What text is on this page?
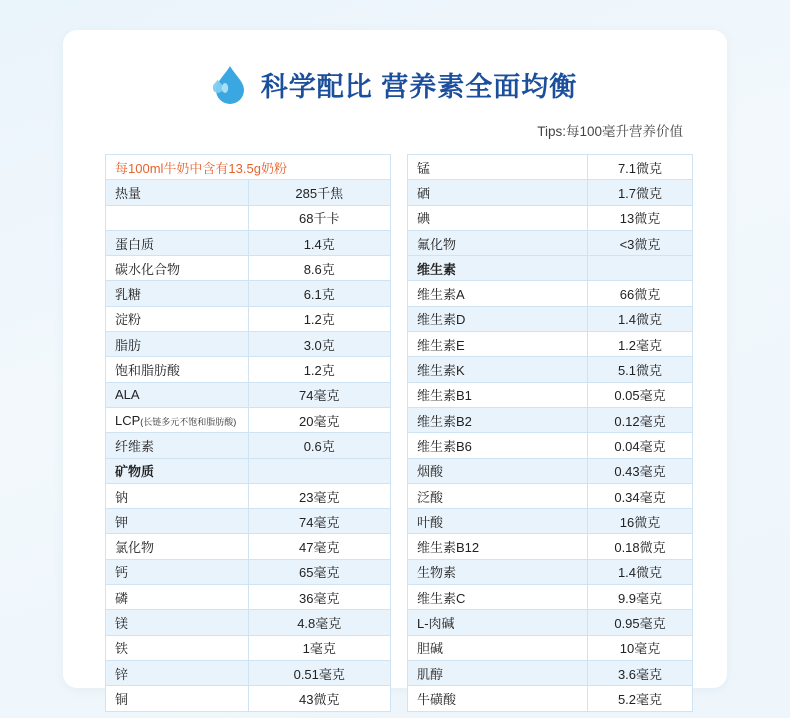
科学配比 营养素全面均衡
Tips:每100毫升营养价值
每100ml牛奶中含有13.5g奶粉	
热量	285千焦
	68千卡
蛋白质	1.4克
碳水化合物	8.6克
乳糖	6.1克
淀粉	1.2克
脂肪	3.0克
饱和脂肪酸	1.2克
ALA	74毫克
LCP(长链多元不饱和脂肪酸)	20毫克
纤维素	0.6克
矿物质	
钠	23毫克
钾	74毫克
氯化物	47毫克
钙	65毫克
磷	36毫克
镁	4.8毫克
铁	1毫克
锌	0.51毫克
铜	43微克
锰	7.1微克
硒	1.7微克
碘	13微克
氟化物	<3微克
维生素	
维生素A	66微克
维生素D	1.4微克
维生素E	1.2毫克
维生素K	5.1微克
维生素B1	0.05毫克
维生素B2	0.12毫克
维生素B6	0.04毫克
烟酸	0.43毫克
泛酸	0.34毫克
叶酸	16微克
维生素B12	0.18微克
生物素	1.4微克
维生素C	9.9毫克
L-肉碱	0.95毫克
胆碱	10毫克
肌醇	3.6毫克
牛磺酸	5.2毫克
